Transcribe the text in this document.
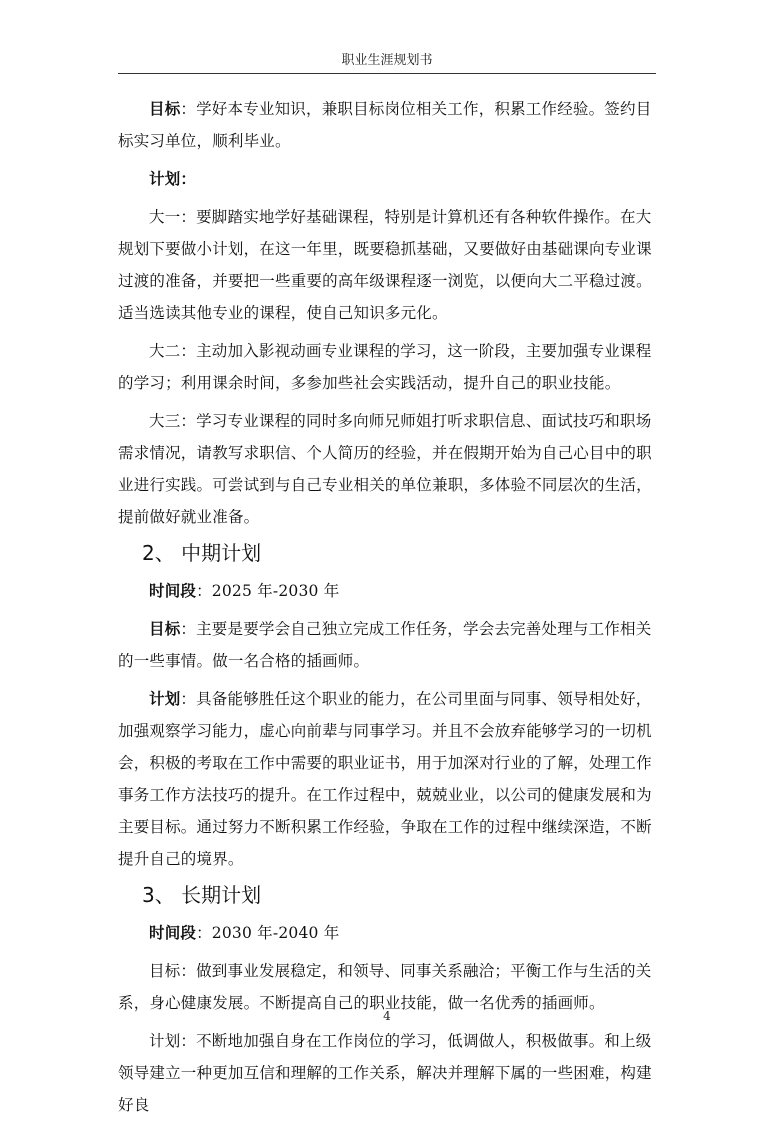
职业生涯规划书

目标：学好本专业知识，兼职目标岗位相关工作，积累工作经验。签约目标实习单位，顺利毕业。

计划：

大一：要脚踏实地学好基础课程，特别是计算机还有各种软件操作。在大规划下要做小计划，在这一年里，既要稳抓基础，又要做好由基础课向专业课过渡的准备，并要把一些重要的高年级课程逐一浏览，以便向大二平稳过渡。适当选读其他专业的课程，使自己知识多元化。

大二：主动加入影视动画专业课程的学习，这一阶段，主要加强专业课程的学习；利用课余时间，多参加些社会实践活动，提升自己的职业技能。

大三：学习专业课程的同时多向师兄师姐打听求职信息、面试技巧和职场需求情况，请教写求职信、个人简历的经验，并在假期开始为自己心目中的职业进行实践。可尝试到与自己专业相关的单位兼职，多体验不同层次的生活，提前做好就业准备。

2、 中期计划

时间段：2025 年-2030 年

目标：主要是要学会自己独立完成工作任务，学会去完善处理与工作相关的一些事情。做一名合格的插画师。

计划：具备能够胜任这个职业的能力，在公司里面与同事、领导相处好，加强观察学习能力，虚心向前辈与同事学习。并且不会放弃能够学习的一切机会，积极的考取在工作中需要的职业证书，用于加深对行业的了解，处理工作事务工作方法技巧的提升。在工作过程中，兢兢业业，以公司的健康发展和为主要目标。通过努力不断积累工作经验，争取在工作的过程中继续深造，不断提升自己的境界。

3、 长期计划

时间段：2030 年-2040 年

目标：做到事业发展稳定，和领导、同事关系融洽；平衡工作与生活的关系，身心健康发展。不断提高自己的职业技能，做一名优秀的插画师。

计划：不断地加强自身在工作岗位的学习，低调做人，积极做事。和上级领导建立一种更加互信和理解的工作关系，解决并理解下属的一些困难，构建好良

4
